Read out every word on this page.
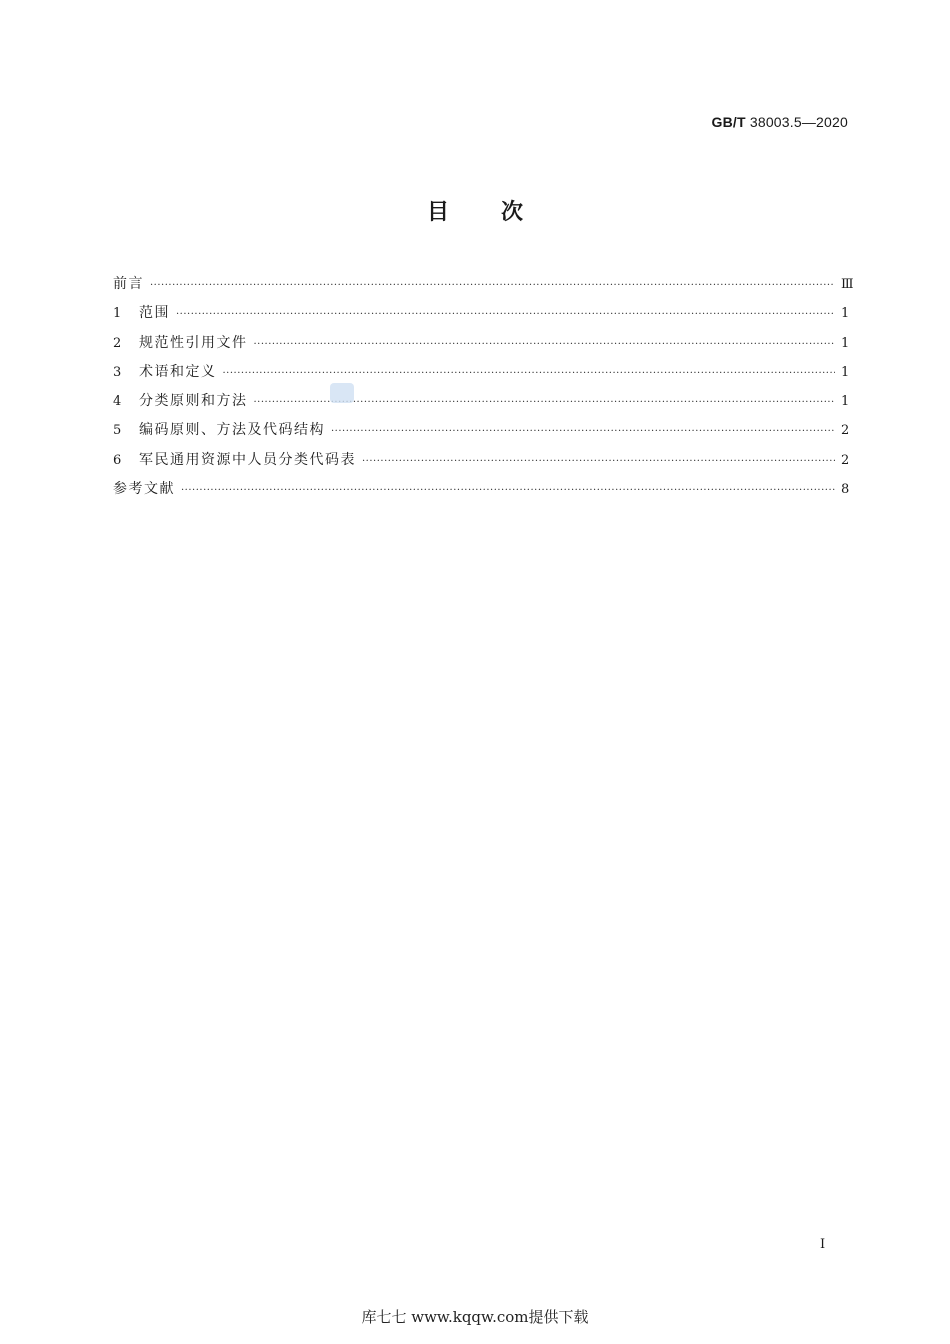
GB/T 38003.5—2020
目 次
前言 ·····	Ⅲ
1	范围 ·····	1
2	规范性引用文件 ·····	1
3	术语和定义 ·····	1
4	分类原则和方法 ·····	1
5	编码原则、方法及代码结构 ·····	2
6	军民通用资源中人员分类代码表 ·····	2
参考文献 ·····	8
I
库七七 www.kqqw.com提供下载
